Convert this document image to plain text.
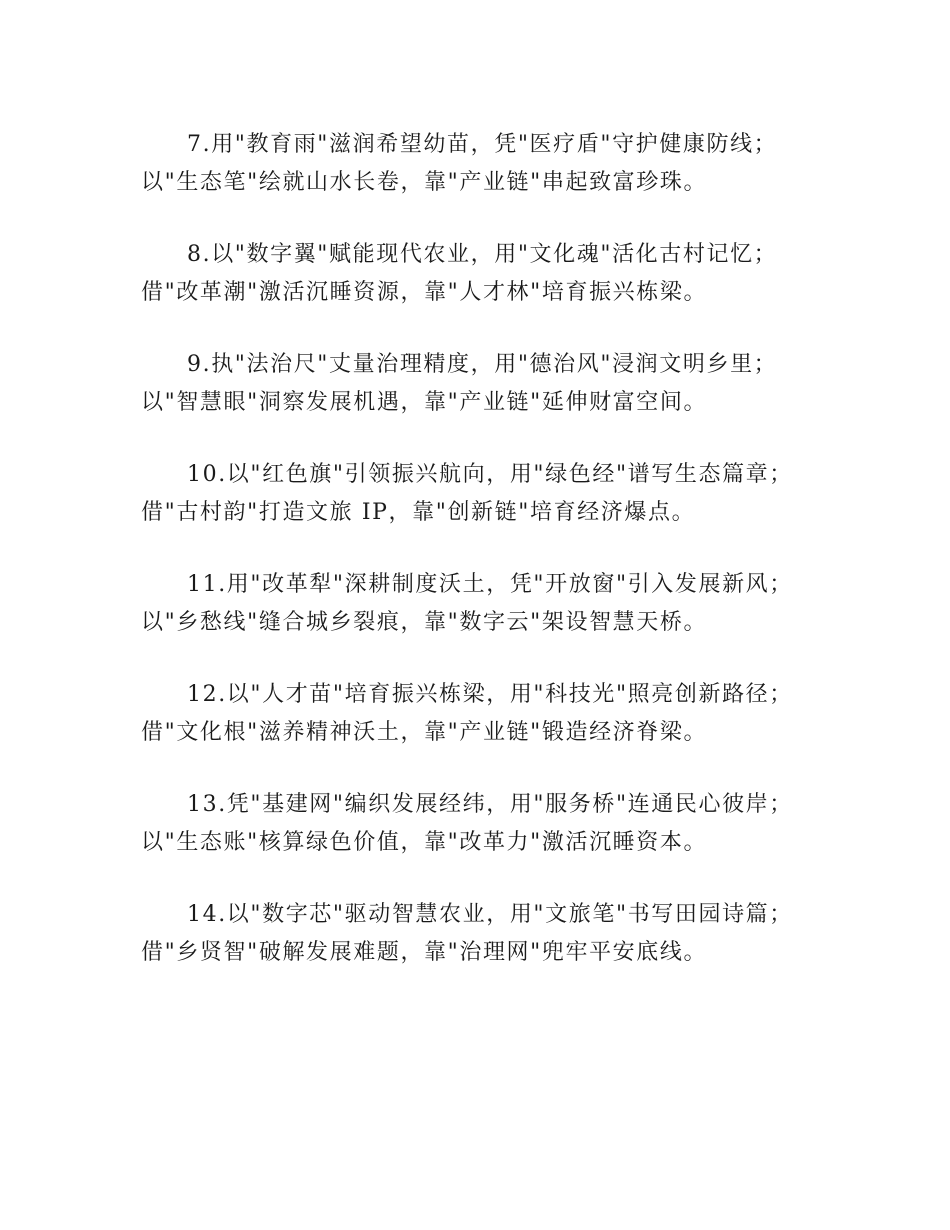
7.用"教育雨"滋润希望幼苗，凭"医疗盾"守护健康防线；
以"生态笔"绘就山水长卷，靠"产业链"串起致富珍珠。

8.以"数字翼"赋能现代农业，用"文化魂"活化古村记忆；
借"改革潮"激活沉睡资源，靠"人才林"培育振兴栋梁。

9.执"法治尺"丈量治理精度，用"德治风"浸润文明乡里；
以"智慧眼"洞察发展机遇，靠"产业链"延伸财富空间。

10.以"红色旗"引领振兴航向，用"绿色经"谱写生态篇章；
借"古村韵"打造文旅 IP，靠"创新链"培育经济爆点。

11.用"改革犁"深耕制度沃土，凭"开放窗"引入发展新风；
以"乡愁线"缝合城乡裂痕，靠"数字云"架设智慧天桥。

12.以"人才苗"培育振兴栋梁，用"科技光"照亮创新路径；
借"文化根"滋养精神沃土，靠"产业链"锻造经济脊梁。

13.凭"基建网"编织发展经纬，用"服务桥"连通民心彼岸；
以"生态账"核算绿色价值，靠"改革力"激活沉睡资本。

14.以"数字芯"驱动智慧农业，用"文旅笔"书写田园诗篇；
借"乡贤智"破解发展难题，靠"治理网"兜牢平安底线。
